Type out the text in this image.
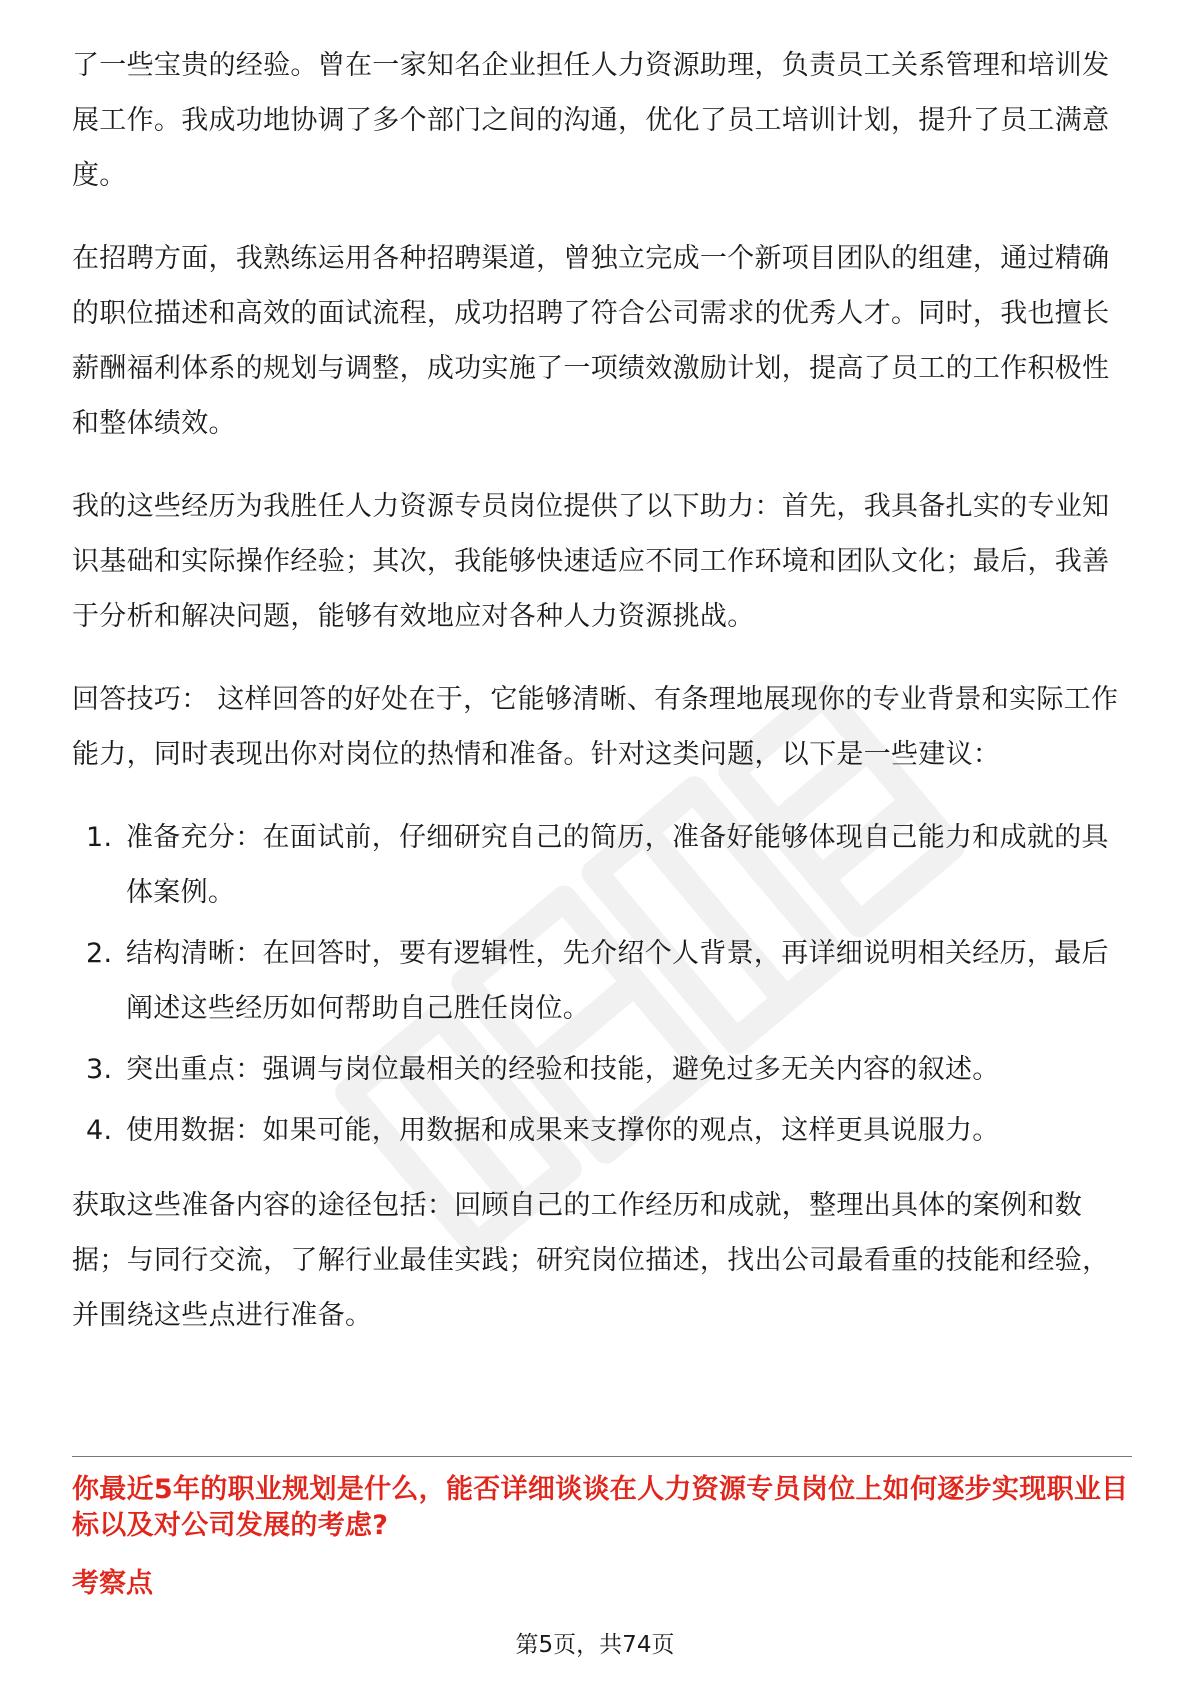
了一些宝贵的经验。曾在一家知名企业担任人力资源助理，负责员工关系管理和培训发展工作。我成功地协调了多个部门之间的沟通，优化了员工培训计划，提升了员工满意度。

在招聘方面，我熟练运用各种招聘渠道，曾独立完成一个新项目团队的组建，通过精确的职位描述和高效的面试流程，成功招聘了符合公司需求的优秀人才。同时，我也擅长薪酬福利体系的规划与调整，成功实施了一项绩效激励计划，提高了员工的工作积极性和整体绩效。

我的这些经历为我胜任人力资源专员岗位提供了以下助力：首先，我具备扎实的专业知识基础和实际操作经验；其次，我能够快速适应不同工作环境和团队文化；最后，我善于分析和解决问题，能够有效地应对各种人力资源挑战。

回答技巧： 这样回答的好处在于，它能够清晰、有条理地展现你的专业背景和实际工作能力，同时表现出你对岗位的热情和准备。针对这类问题，以下是一些建议：

1. 准备充分：在面试前，仔细研究自己的简历，准备好能够体现自己能力和成就的具体案例。
2. 结构清晰：在回答时，要有逻辑性，先介绍个人背景，再详细说明相关经历，最后阐述这些经历如何帮助自己胜任岗位。
3. 突出重点：强调与岗位最相关的经验和技能，避免过多无关内容的叙述。
4. 使用数据：如果可能，用数据和成果来支撑你的观点，这样更具说服力。

获取这些准备内容的途径包括：回顾自己的工作经历和成就，整理出具体的案例和数据；与同行交流，了解行业最佳实践；研究岗位描述，找出公司最看重的技能和经验，并围绕这些点进行准备。

你最近5年的职业规划是什么，能否详细谈谈在人力资源专员岗位上如何逐步实现职业目标以及对公司发展的考虑?
考察点
第5页，共74页
